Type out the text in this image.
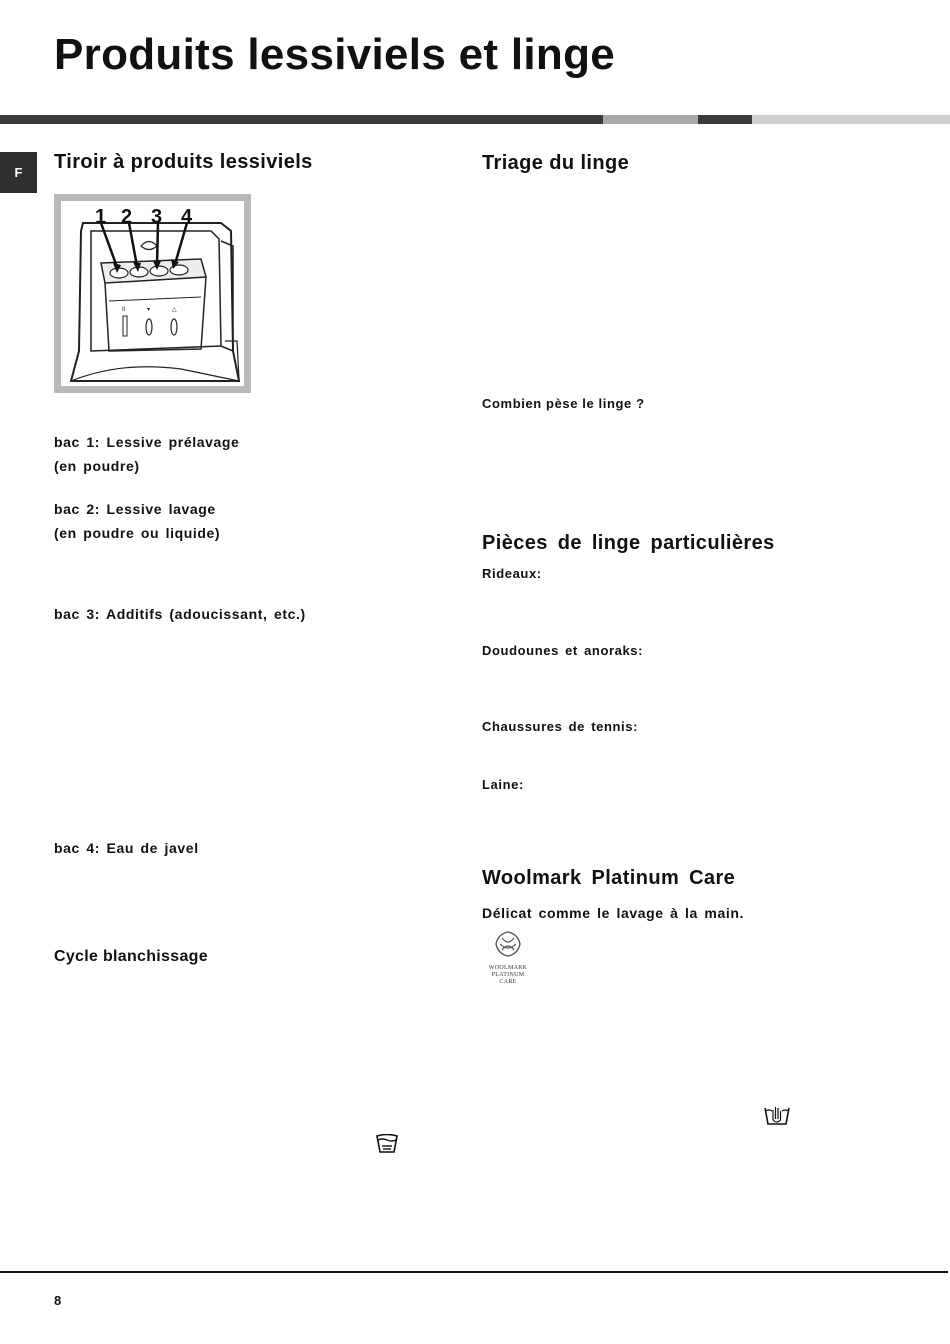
Produits lessiviels et linge
F	Tiroir à produits lessiviels
II	▾	△
1 2 3 4

bac 1: Lessive prélavage

(en poudre)

bac 2: Lessive lavage

(en poudre ou liquide)

bac 3: Additifs (adoucissant, etc.)

bac 4: Eau de javel

Cycle blanchissage

Triage du linge

Combien pèse le linge ?

Pièces de linge particulières

Rideaux:

Doudounes et anoraks:

Chaussures de tennis:

Laine:

Woolmark Platinum Care

Délicat comme le lavage à la main.

WOOLMARK
PLATINUM
CARE
8
